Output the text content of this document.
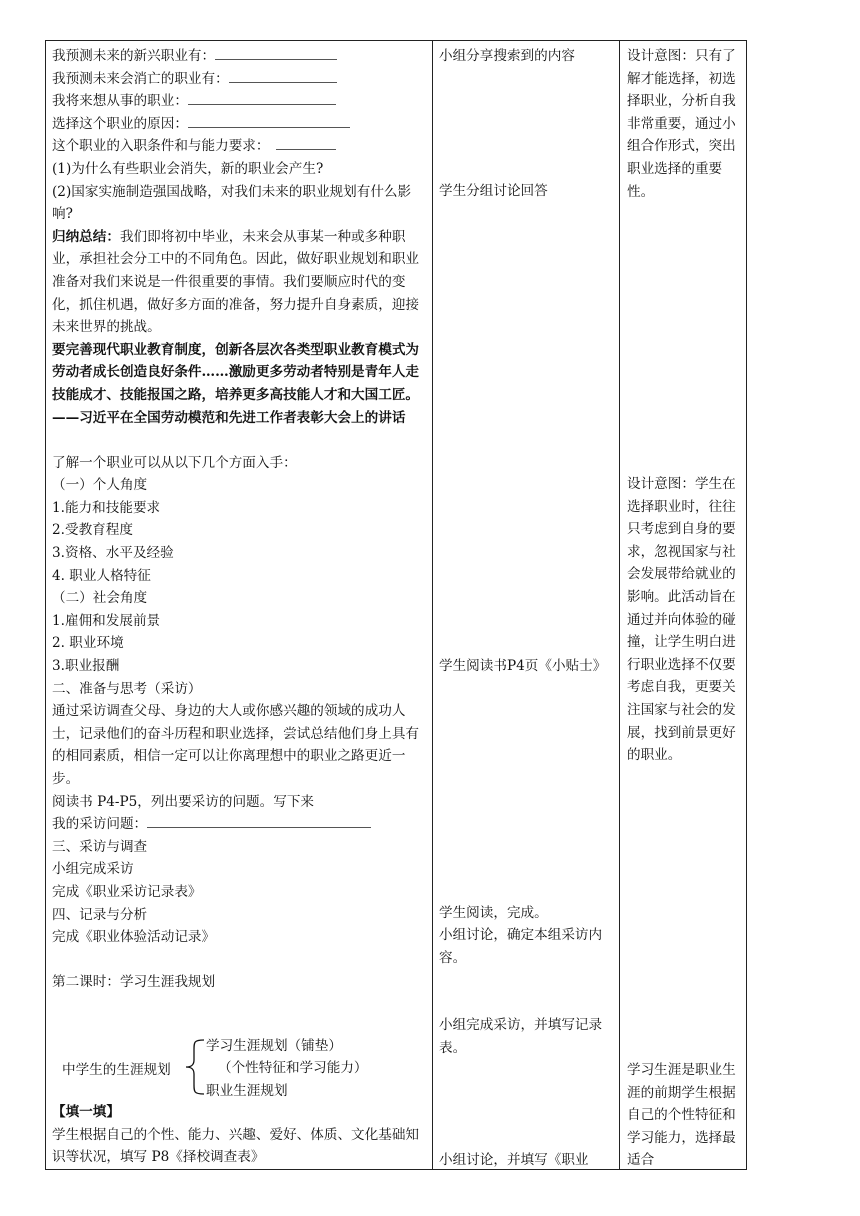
我预测未来的新兴职业有：
我预测未来会消亡的职业有：
我将来想从事的职业：
选择这个职业的原因：
这个职业的入职条件和与能力要求：
(1)为什么有些职业会消失，新的职业会产生?
(2)国家实施制造强国战略，对我们未来的职业规划有什么影响?
归纳总结：我们即将初中毕业，未来会从事某一种或多种职业，承担社会分工中的不同角色。因此，做好职业规划和职业准备对我们来说是一件很重要的事情。我们要顺应时代的变化，抓住机遇，做好多方面的准备，努力提升自身素质，迎接未来世界的挑战。
要完善现代职业教育制度，创新各层次各类型职业教育模式为劳动者成长创造良好条件……激励更多劳动者特别是青年人走技能成才、技能报国之路，培养更多高技能人才和大国工匠。
——习近平在全国劳动模范和先进工作者表彰大会上的讲话
了解一个职业可以从以下几个方面入手：
（一）个人角度
1.能力和技能要求
2.受教育程度
3.资格、水平及经验
4. 职业人格特征
（二）社会角度
1.雇佣和发展前景
2. 职业环境
3.职业报酬
二、准备与思考（采访）
通过采访调查父母、身边的大人或你感兴趣的领域的成功人士，记录他们的奋斗历程和职业选择，尝试总结他们身上具有的相同素质，相信一定可以让你离理想中的职业之路更近一步。
阅读书 P4-P5，列出要采访的问题。写下来
我的采访问题：
三、采访与调查
小组完成采访
完成《职业采访记录表》
四、记录与分析
完成《职业体验活动记录》
第二课时：学习生涯我规划
中学生的生涯规划
学习生涯规划（铺垫）
（个性特征和学习能力）
职业生涯规划
【填一填】
学生根据自己的个性、能力、兴趣、爱好、体质、文化基础知识等状况，填写 P8《择校调查表》
小组分享搜索到的内容
学生分组讨论回答
学生阅读书P4页《小贴士》
学生阅读，完成。
小组讨论，确定本组采访内容。
小组完成采访，并填写记录表。
小组讨论，并填写《职业
设计意图：只有了解才能选择，初选择职业，分析自我非常重要，通过小组合作形式，突出职业选择的重要性。
设计意图：学生在选择职业时，往往只考虑到自身的要求，忽视国家与社会发展带给就业的影响。此活动旨在通过并向体验的碰撞，让学生明白进行职业选择不仅要考虑自我，更要关注国家与社会的发展，找到前景更好的职业。
学习生涯是职业生涯的前期学生根据自己的个性特征和学习能力，选择最适合
